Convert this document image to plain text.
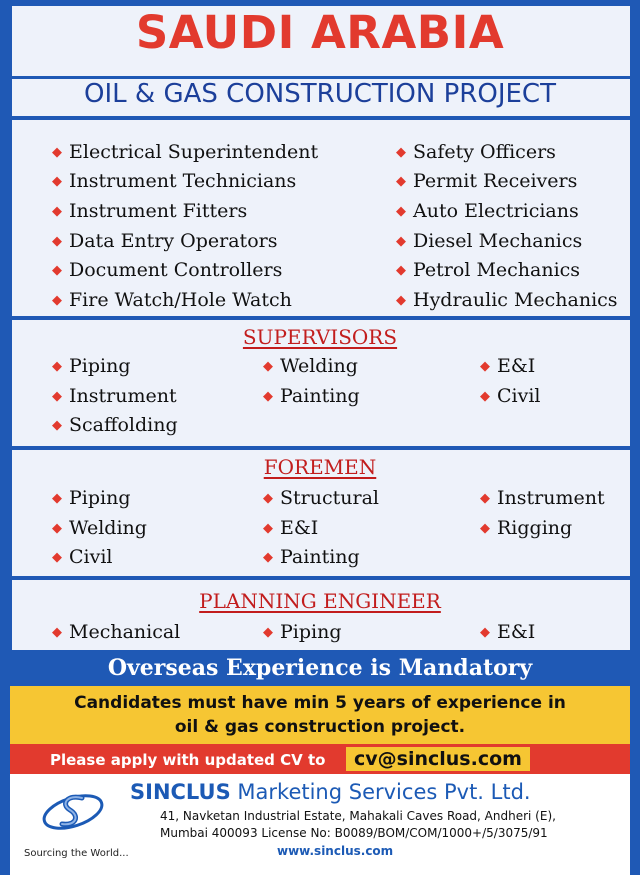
SAUDI ARABIA
OIL & GAS CONSTRUCTION PROJECT
◆ Electrical Superintendent
◆ Instrument Technicians
◆ Instrument Fitters
◆ Data Entry Operators
◆ Document Controllers
◆ Fire Watch/Hole Watch
◆ Safety Officers
◆ Permit Receivers
◆ Auto Electricians
◆ Diesel Mechanics
◆ Petrol Mechanics
◆ Hydraulic Mechanics
SUPERVISORS
◆ Piping
◆ Instrument
◆ Scaffolding
◆ Welding
◆ Painting
◆ E&I
◆ Civil
FOREMEN
◆ Piping
◆ Welding
◆ Civil
◆ Structural
◆ E&I
◆ Painting
◆ Instrument
◆ Rigging
PLANNING ENGINEER
◆ Mechanical	◆ Piping	◆ E&I
Overseas Experience is Mandatory
Candidates must have min 5 years of experience in
oil & gas construction project.
Please apply with updated CV to	cv@sinclus.com
Sourcing the World...
SINCLUS Marketing Services Pvt. Ltd.
41, Navketan Industrial Estate, Mahakali Caves Road, Andheri (E),
Mumbai 400093 License No: B0089/BOM/COM/1000+/5/3075/91
www.sinclus.com
